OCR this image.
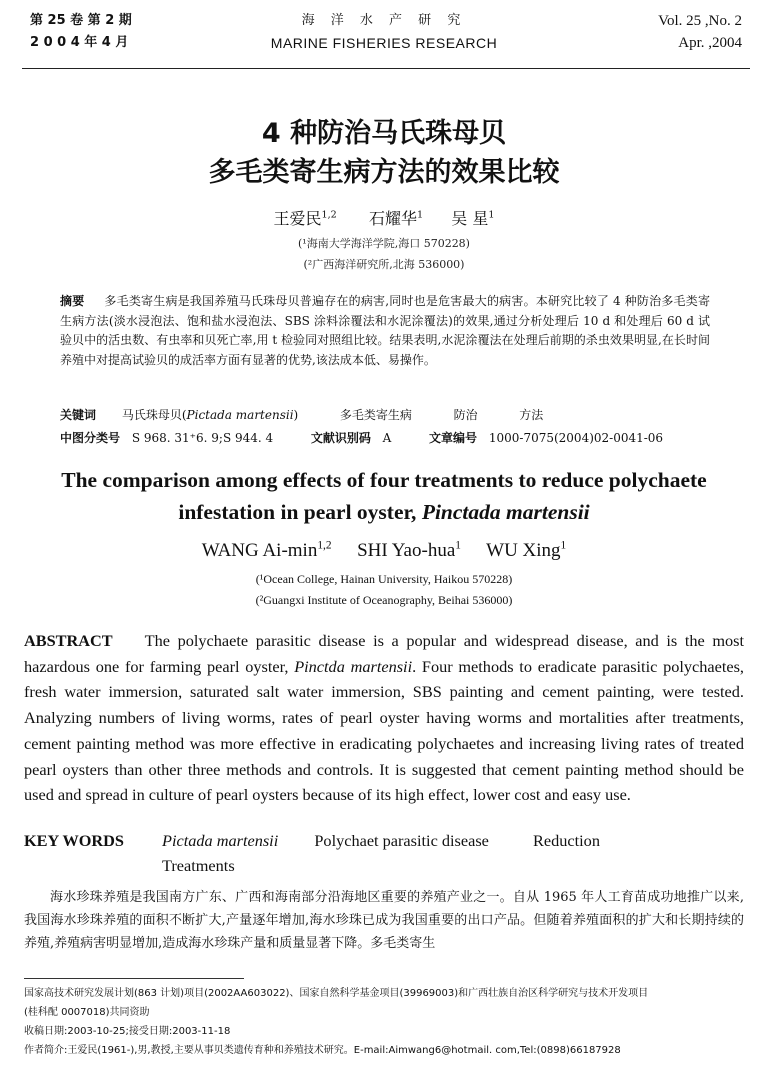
第 25 卷 第 2 期
2 0 0 4 年 4 月
海 洋 水 产 研 究
MARINE FISHERIES RESEARCH
Vol. 25 ,No. 2
Apr. ,2004
4 种防治马氏珠母贝
多毛类寄生病方法的效果比较
王爱民$^{1,2}$ 石耀华$^1$ 吴 星$^1$
(¹海南大学海洋学院,海口 570228)
(²广西海洋研究所,北海 536000)
摘要 多毛类寄生病是我国养殖马氏珠母贝普遍存在的病害,同时也是危害最大的病害。本研究比较了 4 种防治多毛类寄生病方法(淡水浸泡法、饱和盐水浸泡法、SBS 涂料涂覆法和水泥涂覆法)的效果,通过分析处理后 10 d 和处理后 60 d 试验贝中的活虫数、有虫率和贝死亡率,用 t 检验同对照组比较。结果表明,水泥涂覆法在处理后前期的杀虫效果明显,在长时间养殖中对提高试验贝的成活率方面有显著的优势,该法成本低、易操作。
关键词 马氏珠母贝(Pictada martensii)	多毛类寄生病	防治	方法
中图分类号 S 968. 31⁺6. 9;S 944. 4	文献识别码 A	文章编号 1000-7075(2004)02-0041-06
The comparison among effects of four treatments to reduce polychaete
infestation in pearl oyster, Pinctada martensii
WANG $Ai-\min^{1,2}$ SHI Yao-hua$^1$ WU Xing$^1$
(¹Ocean College, Hainan University, Haikou 570228)
(²Guangxi Institute of Oceanography, Beihai 536000)
ABSTRACT The polychaete parasitic disease is a popular and widespread disease, and is the most hazardous one for farming pearl oyster, Pinctda martensii. Four methods to eradicate parasitic polychaetes, fresh water immersion, saturated salt water immersion, SBS painting and cement painting, were tested. Analyzing numbers of living worms, rates of pearl oyster having worms and mortalities after treatments, cement painting method was more effective in eradicating polychaetes and increasing living rates of treated pearl oysters than other three methods and controls. It is suggested that cement painting method should be used and spread in culture of pearl oysters because of its high effect, lower cost and easy use.
KEY WORDS Pictada martensii Polychaet parasitic disease	Reduction
Treatments
海水珍珠养殖是我国南方广东、广西和海南部分沿海地区重要的养殖产业之一。自从 1965 年人工育苗成功地推广以来,我国海水珍珠养殖的面积不断扩大,产量逐年增加,海水珍珠已成为我国重要的出口产品。但随着养殖面积的扩大和长期持续的养殖,养殖病害明显增加,造成海水珍珠产量和质量显著下降。多毛类寄生
国家高技术研究发展计划(863 计划)项目(2002AA603022)、国家自然科学基金项目(39969003)和广西壮族自治区科学研究与技术开发项目
(桂科配 0007018)共同资助
收稿日期:2003-10-25;接受日期:2003-11-18
作者简介:王爱民(1961-),男,教授,主要从事贝类遗传育种和养殖技术研究。E-mail:Aimwang6@hotmail. com,Tel:(0898)66187928
